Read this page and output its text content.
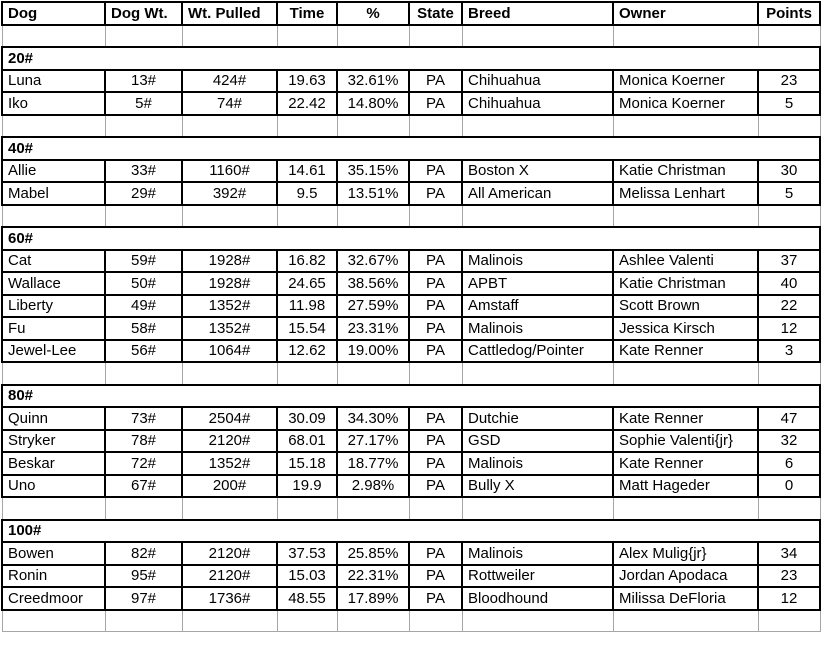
Dog	Dog Wt.	Wt. Pulled	Time	%	State	Breed	Owner	Points

20#								
Luna	13#	424#	19.63	32.61%	PA	Chihuahua	Monica Koerner	23
Iko	5#	74#	22.42	14.80%	PA	Chihuahua	Monica Koerner	5

40#								
Allie	33#	1160#	14.61	35.15%	PA	Boston X	Katie Christman	30
Mabel	29#	392#	9.5	13.51%	PA	All American	Melissa Lenhart	5

60#								
Cat	59#	1928#	16.82	32.67%	PA	Malinois	Ashlee Valenti	37
Wallace	50#	1928#	24.65	38.56%	PA	APBT	Katie Christman	40
Liberty	49#	1352#	11.98	27.59%	PA	Amstaff	Scott Brown	22
Fu	58#	1352#	15.54	23.31%	PA	Malinois	Jessica Kirsch	12
Jewel-Lee	56#	1064#	12.62	19.00%	PA	Cattledog/Pointer	Kate Renner	3

80#								
Quinn	73#	2504#	30.09	34.30%	PA	Dutchie	Kate Renner	47
Stryker	78#	2120#	68.01	27.17%	PA	GSD	Sophie Valenti{jr}	32
Beskar	72#	1352#	15.18	18.77%	PA	Malinois	Kate Renner	6
Uno	67#	200#	19.9	2.98%	PA	Bully X	Matt Hageder	0

100#								
Bowen	82#	2120#	37.53	25.85%	PA	Malinois	Alex Mulig{jr}	34
Ronin	95#	2120#	15.03	22.31%	PA	Rottweiler	Jordan Apodaca	23
Creedmoor	97#	1736#	48.55	17.89%	PA	Bloodhound	Milissa DeFloria	12
